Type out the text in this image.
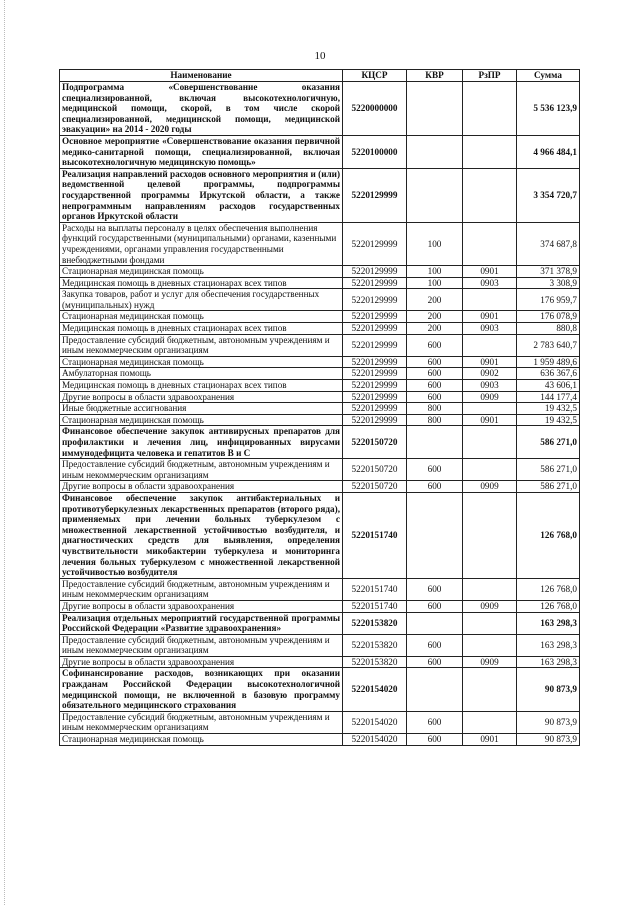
10
Наименование	КЦСР	КВР	РзПР	Сумма
Подпрограмма «Совершенствование оказания специализированной, включая высокотехнологичную, медицинской помощи, скорой, в том числе скорой специализированной, медицинской помощи, медицинской эвакуации» на 2014 - 2020 годы	5220000000			5 536 123,9
Основное мероприятие «Совершенствование оказания первичной медико-санитарной помощи, специализированной, включая высокотехнологичную медицинскую помощь»	5220100000			4 966 484,1
Реализация направлений расходов основного мероприятия и (или) ведомственной целевой программы, подпрограммы государственной программы Иркутской области, а также непрограммным направлениям расходов государственных органов Иркутской области	5220129999			3 354 720,7
Расходы на выплаты персоналу в целях обеспечения выполнения функций государственными (муниципальными) органами, казенными учреждениями, органами управления государственными внебюджетными фондами	5220129999	100		374 687,8
Стационарная медицинская помощь	5220129999	100	0901	371 378,9
Медицинская помощь в дневных стационарах всех типов	5220129999	100	0903	3 308,9
Закупка товаров, работ и услуг для обеспечения государственных (муниципальных) нужд	5220129999	200		176 959,7
Стационарная медицинская помощь	5220129999	200	0901	176 078,9
Медицинская помощь в дневных стационарах всех типов	5220129999	200	0903	880,8
Предоставление субсидий бюджетным, автономным учреждениям и иным некоммерческим организациям	5220129999	600		2 783 640,7
Стационарная медицинская помощь	5220129999	600	0901	1 959 489,6
Амбулаторная помощь	5220129999	600	0902	636 367,6
Медицинская помощь в дневных стационарах всех типов	5220129999	600	0903	43 606,1
Другие вопросы в области здравоохранения	5220129999	600	0909	144 177,4
Иные бюджетные ассигнования	5220129999	800		19 432,5
Стационарная медицинская помощь	5220129999	800	0901	19 432,5
Финансовое обеспечение закупок антивирусных препаратов для профилактики и лечения лиц, инфицированных вирусами иммунодефицита человека и гепатитов В и С	5220150720			586 271,0
Предоставление субсидий бюджетным, автономным учреждениям и иным некоммерческим организациям	5220150720	600		586 271,0
Другие вопросы в области здравоохранения	5220150720	600	0909	586 271,0
Финансовое обеспечение закупок антибактериальных и противотуберкулезных лекарственных препаратов (второго ряда), применяемых при лечении больных туберкулезом с множественной лекарственной устойчивостью возбудителя, и диагностических средств для выявления, определения чувствительности микобактерии туберкулеза и мониторинга лечения больных туберкулезом с множественной лекарственной устойчивостью возбудителя	5220151740			126 768,0
Предоставление субсидий бюджетным, автономным учреждениям и иным некоммерческим организациям	5220151740	600		126 768,0
Другие вопросы в области здравоохранения	5220151740	600	0909	126 768,0
Реализация отдельных мероприятий государственной программы Российской Федерации «Развитие здравоохранения»	5220153820			163 298,3
Предоставление субсидий бюджетным, автономным учреждениям и иным некоммерческим организациям	5220153820	600		163 298,3
Другие вопросы в области здравоохранения	5220153820	600	0909	163 298,3
Софинансирование расходов, возникающих при оказании гражданам Российской Федерации высокотехнологичной медицинской помощи, не включенной в базовую программу обязательного медицинского страхования	5220154020			90 873,9
Предоставление субсидий бюджетным, автономным учреждениям и иным некоммерческим организациям	5220154020	600		90 873,9
Стационарная медицинская помощь	5220154020	600	0901	90 873,9
